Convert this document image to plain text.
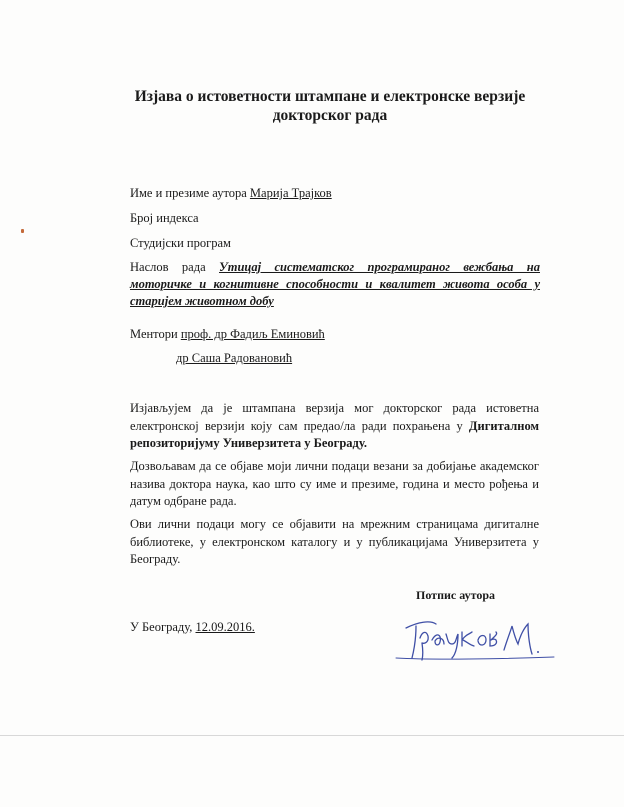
Изјава о истоветности штампане и електронске верзије
докторског рада
Име и презиме аутора Марија Трајков
Број индекса
Студијски програм
Наслов рада Утицај систематског програмираног вежбања на моторичке и когнитивне способности и квалитет живота особа у старијем животном добу
Ментори проф. др Фадиљ Еминовић
др Саша Радовановић
Изјављујем да је штампана верзија мог докторског рада истоветна електронској верзији коју сам предао/ла ради похрањена у Дигиталном репозиторијуму Универзитета у Београду.
Дозвољавам да се објаве моји лични подаци везани за добијање академског назива доктора наука, као што су име и презиме, година и место рођења и датум одбране рада.
Ови лични подаци могу се објавити на мрежним страницама дигиталне библиотеке, у електронском каталогу и у публикацијама Универзитета у Београду.
Потпис аутора
У Београду, 12.09.2016.
